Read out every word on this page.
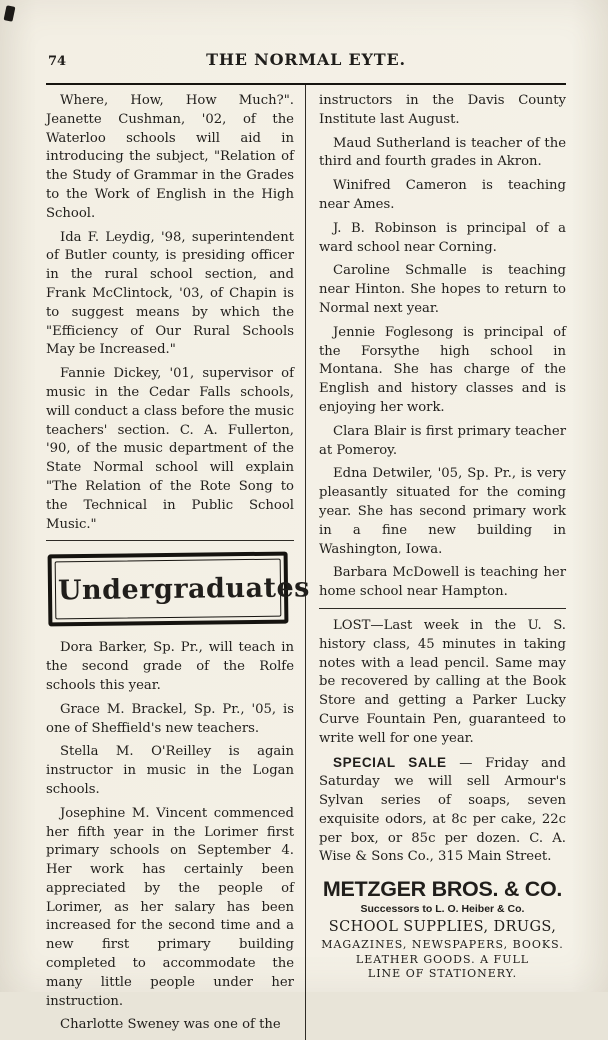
74	THE NORMAL EYTE.

Where, How, How Much?". Jeanette Cushman, '02, of the Waterloo schools will aid in introducing the subject, "Relation of the Study of Grammar in the Grades to the Work of English in the High School.

Ida F. Leydig, '98, superintendent of Butler county, is presiding officer in the rural school section, and Frank McClintock, '03, of Chapin is to suggest means by which the "Efficiency of Our Rural Schools May be Increased."

Fannie Dickey, '01, supervisor of music in the Cedar Falls schools, will conduct a class before the music teachers' section. C. A. Fullerton, '90, of the music department of the State Normal school will explain "The Relation of the Rote Song to the Technical in Public School Music."

Undergraduates

Dora Barker, Sp. Pr., will teach in the second grade of the Rolfe schools this year.

Grace M. Brackel, Sp. Pr., '05, is one of Sheffield's new teachers.

Stella M. O'Reilley is again instructor in music in the Logan schools.

Josephine M. Vincent commenced her fifth year in the Lorimer first primary schools on September 4. Her work has certainly been appreciated by the people of Lorimer, as her salary has been increased for the second time and a new first primary building completed to accommodate the many little people under her instruction.

Charlotte Sweney was one of the

instructors in the Davis County Institute last August.

Maud Sutherland is teacher of the third and fourth grades in Akron.

Winifred Cameron is teaching near Ames.

J. B. Robinson is principal of a ward school near Corning.

Caroline Schmalle is teaching near Hinton. She hopes to return to Normal next year.

Jennie Foglesong is principal of the Forsythe high school in Montana. She has charge of the English and history classes and is enjoying her work.

Clara Blair is first primary teacher at Pomeroy.

Edna Detwiler, '05, Sp. Pr., is very pleasantly situated for the coming year. She has second primary work in a fine new building in Washington, Iowa.

Barbara McDowell is teaching her home school near Hampton.

LOST—Last week in the U. S. history class, 45 minutes in taking notes with a lead pencil. Same may be recovered by calling at the Book Store and getting a Parker Lucky Curve Fountain Pen, guaranteed to write well for one year.

SPECIAL SALE — Friday and Saturday we will sell Armour's Sylvan series of soaps, seven exquisite odors, at 8c per cake, 22c per box, or 85c per dozen. C. A. Wise & Sons Co., 315 Main Street.

METZGER BROS. & CO.
Successors to L. O. Heiber & Co.
SCHOOL SUPPLIES, DRUGS,
MAGAZINES, NEWSPAPERS, BOOKS.
LEATHER GOODS. A FULL
LINE OF STATIONERY.
